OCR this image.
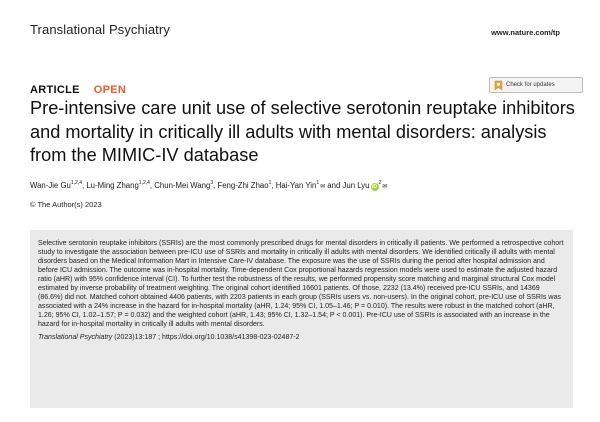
Translational Psychiatry	www.nature.com/tp
ARTICLE OPEN	Check for updates
Pre-intensive care unit use of selective serotonin reuptake inhibitors and mortality in critically ill adults with mental disorders: analysis from the MIMIC-IV database
Wan-Jie Gu$^{1,2,4}$ , Lu-Ming Zhang$^{1,2,4}$ , Chun-Mei Wang$^3$ , Feng-Zhi Zhao$^1$ , Hai-Yan Yin$^1$✉
and
Jun Lyu $iD^2✉$
© The Author(s) 2023

Selective serotonin reuptake inhibitors (SSRIs) are the most commonly prescribed drugs for mental disorders in critically ill patients. We performed a retrospective cohort study to investigate the association between pre-ICU use of SSRIs and mortality in critically ill adults with mental disorders. We identified critically ill adults with mental disorders based on the Medical Information Mart in Intensive Care-IV database. The exposure was the use of SSRIs during the period after hospital admission and before ICU admission. The outcome was in-hospital mortality. Time-dependent Cox proportional hazards regression models were used to estimate the adjusted hazard ratio (aHR) with 95% confidence interval (CI). To further test the robustness of the results, we performed propensity score matching and marginal structural Cox model estimated by inverse probability of treatment weighting. The original cohort identified 16601 patients. Of those, 2232 (13.4%) received pre-ICU SSRIs, and 14369 (86.6%) did not. Matched cohort obtained 4406 patients, with 2203 patients in each group (SSRIs users vs. non-users). In the original cohort, pre-ICU use of SSRIs was associated with a 24% increase in the hazard for in-hospital mortality (aHR, 1.24; 95% CI, 1.05–1.46; P = 0.010). The results were robust in the matched cohort (aHR, 1.26; 95% CI, 1.02–1.57; P = 0.032) and the weighted cohort (aHR, 1.43; 95% CI, 1.32–1.54; P < 0.001). Pre-ICU use of SSRIs is associated with an increase in the hazard for in-hospital mortality in critically ill adults with mental disorders.

Translational Psychiatry (2023)13:187 ; https://doi.org/10.1038/s41398-023-02487-2
